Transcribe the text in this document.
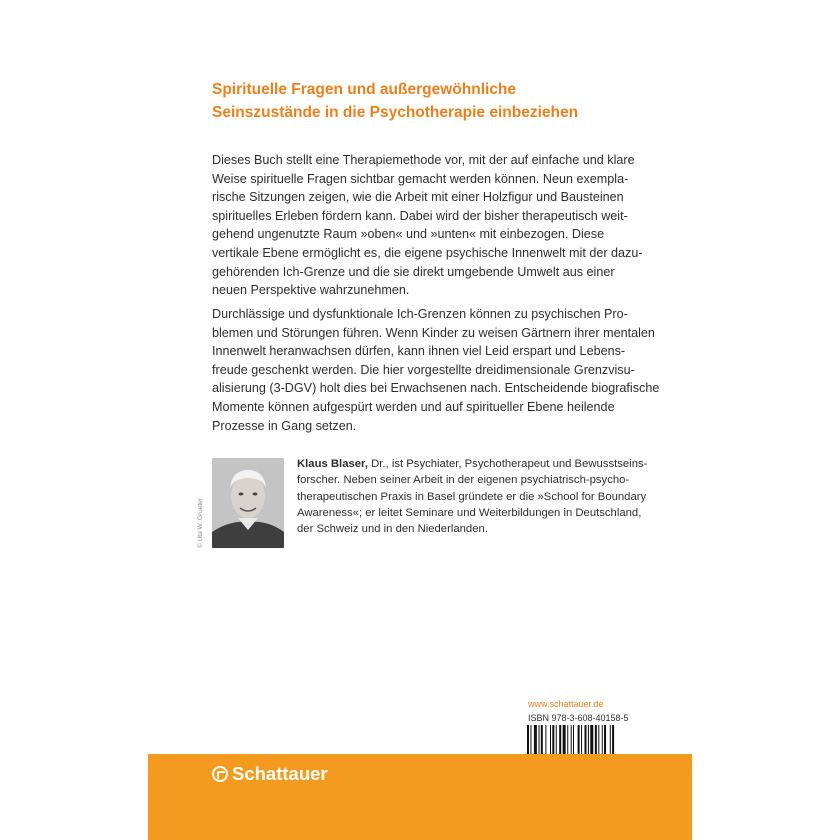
Spirituelle Fragen und außergewöhnliche
Seinszustände in die Psychotherapie einbeziehen
Dieses Buch stellt eine Therapiemethode vor, mit der auf einfache und klare
Weise spirituelle Fragen sichtbar gemacht werden können. Neun exempla-
rische Sitzungen zeigen, wie die Arbeit mit einer Holzfigur und Bausteinen
spirituelles Erleben fördern kann. Dabei wird der bisher therapeutisch weit-
gehend ungenutzte Raum »oben« und »unten« mit einbezogen. Diese
vertikale Ebene ermöglicht es, die eigene psychische Innenwelt mit der dazu-
gehörenden Ich-Grenze und die sie direkt umgebende Umwelt aus einer
neuen Perspektive wahrzunehmen.
Durchlässige und dysfunktionale Ich-Grenzen können zu psychischen Pro-
blemen und Störungen führen. Wenn Kinder zu weisen Gärtnern ihrer mentalen
Innenwelt heranwachsen dürfen, kann ihnen viel Leid erspart und Lebens-
freude geschenkt werden. Die hier vorgestellte dreidimensionale Grenzvisu-
alisierung (3-DGV) holt dies bei Erwachsenen nach. Entscheidende biografische
Momente können aufgespürt werden und auf spiritueller Ebene heilende
Prozesse in Gang setzen.
© Uta W. Grueter
Klaus Blaser, Dr., ist Psychiater, Psychotherapeut und Bewusstseins-
forscher. Neben seiner Arbeit in der eigenen psychiatrisch-psycho-
therapeutischen Praxis in Basel gründete er die »School for Boundary
Awareness«; er leitet Seminare und Weiterbildungen in Deutschland,
der Schweiz und in den Niederlanden.
www.schattauer.de
ISBN 978-3-608-40158-5
Schattauer
